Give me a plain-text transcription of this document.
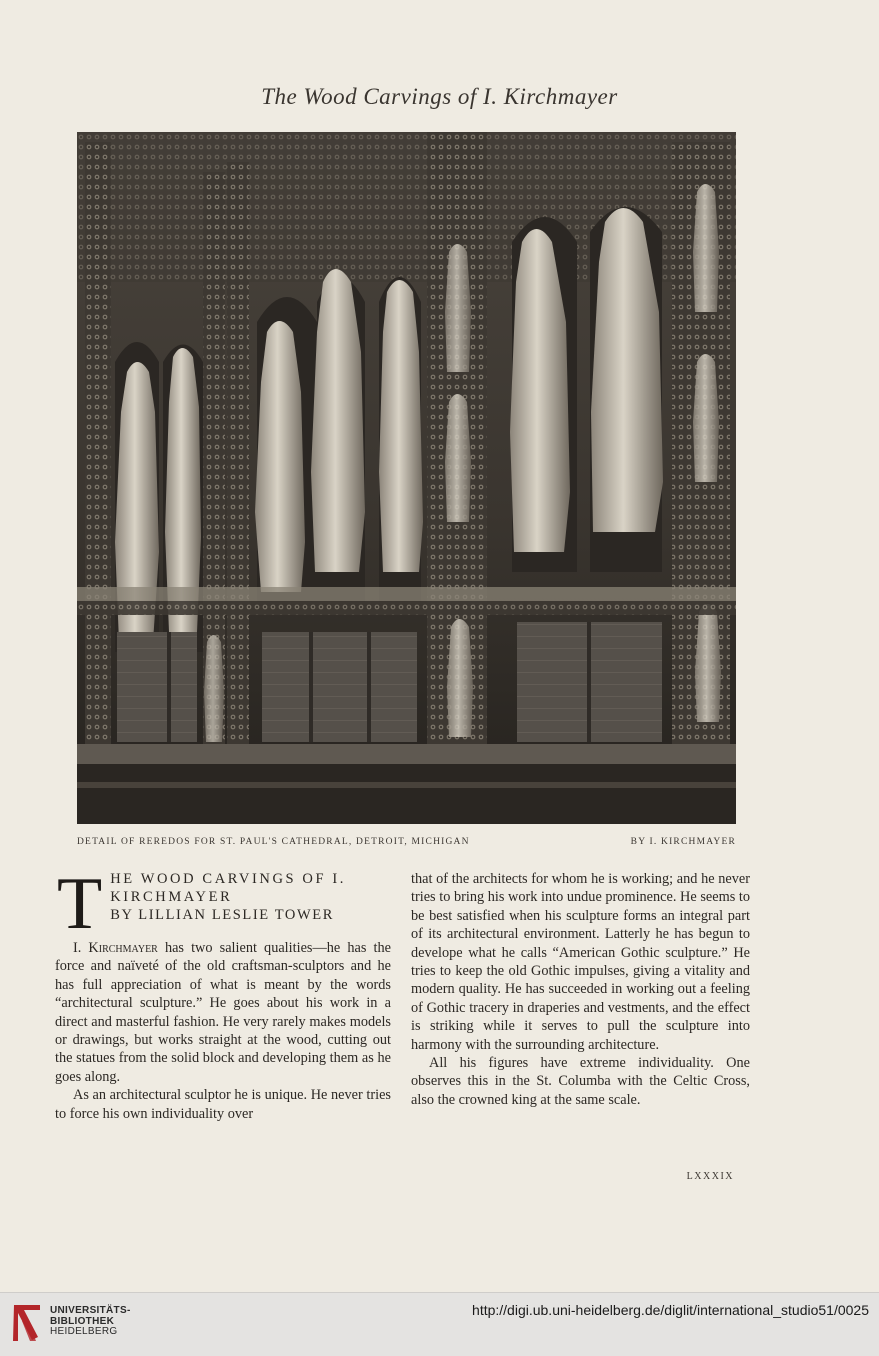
The Wood Carvings of I. Kirchmayer
DETAIL OF REREDOS FOR ST. PAUL'S CATHEDRAL, DETROIT, MICHIGAN	BY I. KIRCHMAYER
T HE WOOD CARVINGS OF I.
KIRCHMAYER
BY LILLIAN LESLIE TOWER

I. Kirchmayer has two salient qualities—he has the force and naïveté of the old craftsman-sculptors and he has full appreciation of what is meant by the words “architectural sculpture.” He goes about his work in a direct and masterful fashion. He very rarely makes models or drawings, but works straight at the wood, cutting out the statues from the solid block and developing them as he goes along.

As an architectural sculptor he is unique. He never tries to force his own individuality over

that of the architects for whom he is working; and he never tries to bring his work into undue prominence. He seems to be best satisfied when his sculpture forms an integral part of its architectural environment. Latterly he has begun to develope what he calls “American Gothic sculpture.” He tries to keep the old Gothic impulses, giving a vitality and modern quality. He has succeeded in working out a feeling of Gothic tracery in draperies and vestments, and the effect is striking while it serves to pull the sculpture into harmony with the surrounding architecture.

All his figures have extreme individuality. One observes this in the St. Columba with the Celtic Cross, also the crowned king at the same scale.

LXXXIX
UNIVERSITÄTS-
BIBLIOTHEK
HEIDELBERG
http://digi.ub.uni-heidelberg.de/diglit/international_studio51/0025
